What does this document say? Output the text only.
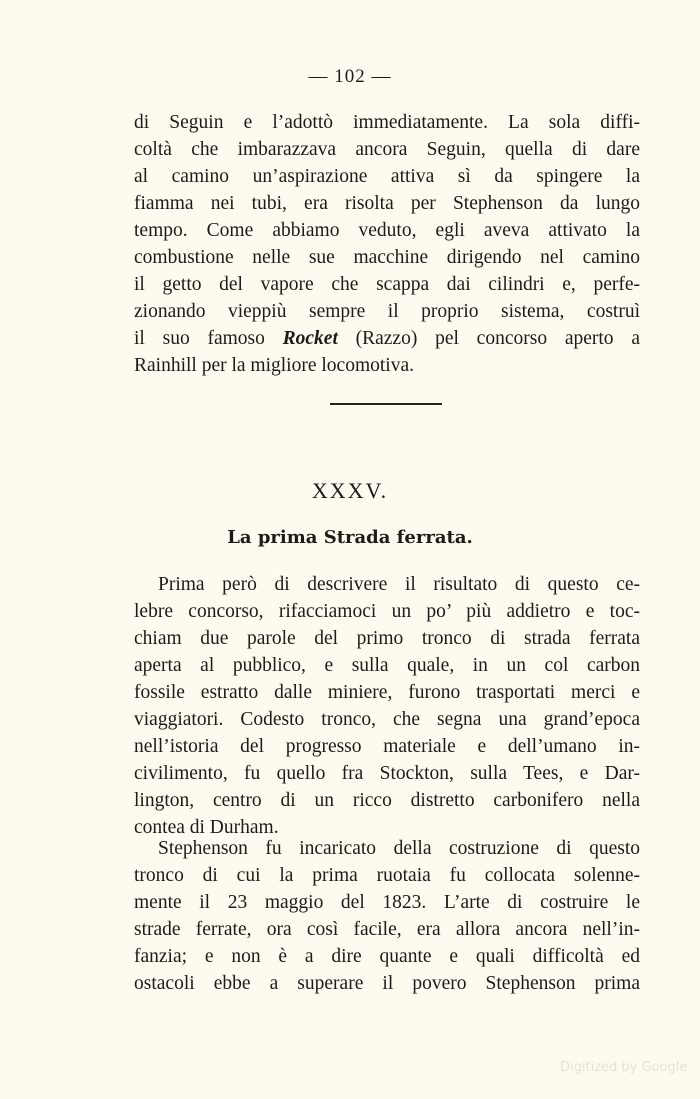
— 102 —
di Seguin e l’adottò immediatamente. La sola diffi-
coltà che imbarazzava ancora Seguin, quella di dare
al camino un’aspirazione attiva sì da spingere la
fiamma nei tubi, era risolta per Stephenson da lungo
tempo. Come abbiamo veduto, egli aveva attivato la
combustione nelle sue macchine dirigendo nel camino
il getto del vapore che scappa dai cilindri e, perfe-
zionando vieppiù sempre il proprio sistema, costruì
il suo famoso Rocket (Razzo) pel concorso aperto a
Rainhill per la migliore locomotiva.
XXXV.
La prima Strada ferrata.
Prima però di descrivere il risultato di questo ce-
lebre concorso, rifacciamoci un po’ più addietro e toc-
chiam due parole del primo tronco di strada ferrata
aperta al pubblico, e sulla quale, in un col carbon
fossile estratto dalle miniere, furono trasportati merci e
viaggiatori. Codesto tronco, che segna una grand’epoca
nell’istoria del progresso materiale e dell’umano in-
civilimento, fu quello fra Stockton, sulla Tees, e Dar-
lington, centro di un ricco distretto carbonifero nella
contea di Durham.
Stephenson fu incaricato della costruzione di questo
tronco di cui la prima ruotaia fu collocata solenne-
mente il 23 maggio del 1823. L’arte di costruire le
strade ferrate, ora così facile, era allora ancora nell’in-
fanzia; e non è a dire quante e quali difficoltà ed
ostacoli ebbe a superare il povero Stephenson prima
Digitized by Google
